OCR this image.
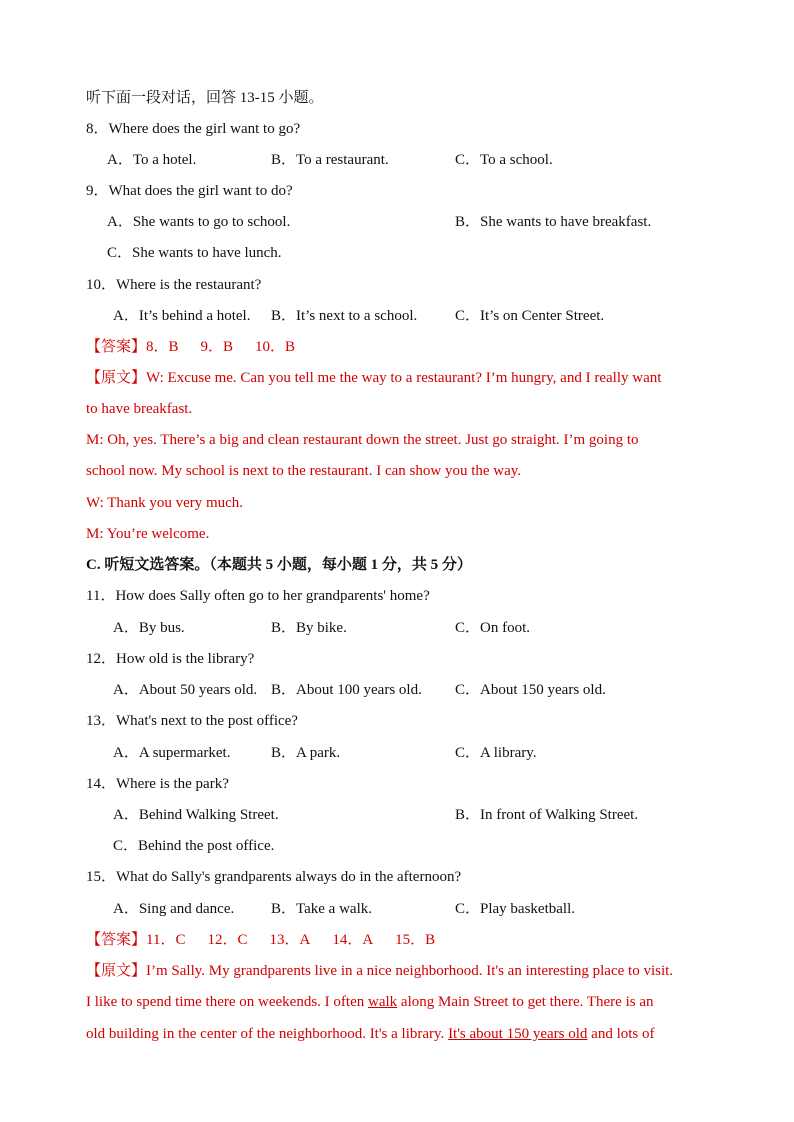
听下面一段对话，回答 13-15 小题。
8．Where does the girl want to go?
A．To a hotel.	B．To a restaurant.	C．To a school.
9．What does the girl want to do?
A．She wants to go to school.	B．She wants to have breakfast.
C．She wants to have lunch.
10．Where is the restaurant?
A．It’s behind a hotel. B．It’s next to a school.	C．It’s on Center Street.
【答案】8．B 9．B 10．B
【原文】W: Excuse me. Can you tell me the way to a restaurant? I’m hungry, and I really want
to have breakfast.
M: Oh, yes. There’s a big and clean restaurant down the street. Just go straight. I’m going to
school now. My school is next to the restaurant. I can show you the way.
W: Thank you very much.
M: You’re welcome.
C. 听短文选答案。（本题共 5 小题，每小题 1 分，共 5 分）
11．How does Sally often go to her grandparents' home?
A．By bus.	B．By bike.	C．On foot.
12．How old is the library?
A．About 50 years old. B．About 100 years old. C．About 150 years old.
13．What's next to the post office?
A．A supermarket.	B．A park.	C．A library.
14．Where is the park?
A．Behind Walking Street.	B．In front of Walking Street.
C．Behind the post office.
15．What do Sally's grandparents always do in the afternoon?
A．Sing and dance. B．Take a walk.	C．Play basketball.
【答案】11．C 12．C 13．A 14．A 15．B
【原文】I’m Sally. My grandparents live in a nice neighborhood. It's an interesting place to visit.
I like to spend time there on weekends. I often walk along Main Street to get there. There is an
old building in the center of the neighborhood. It's a library. It's about 150 years old and lots of
